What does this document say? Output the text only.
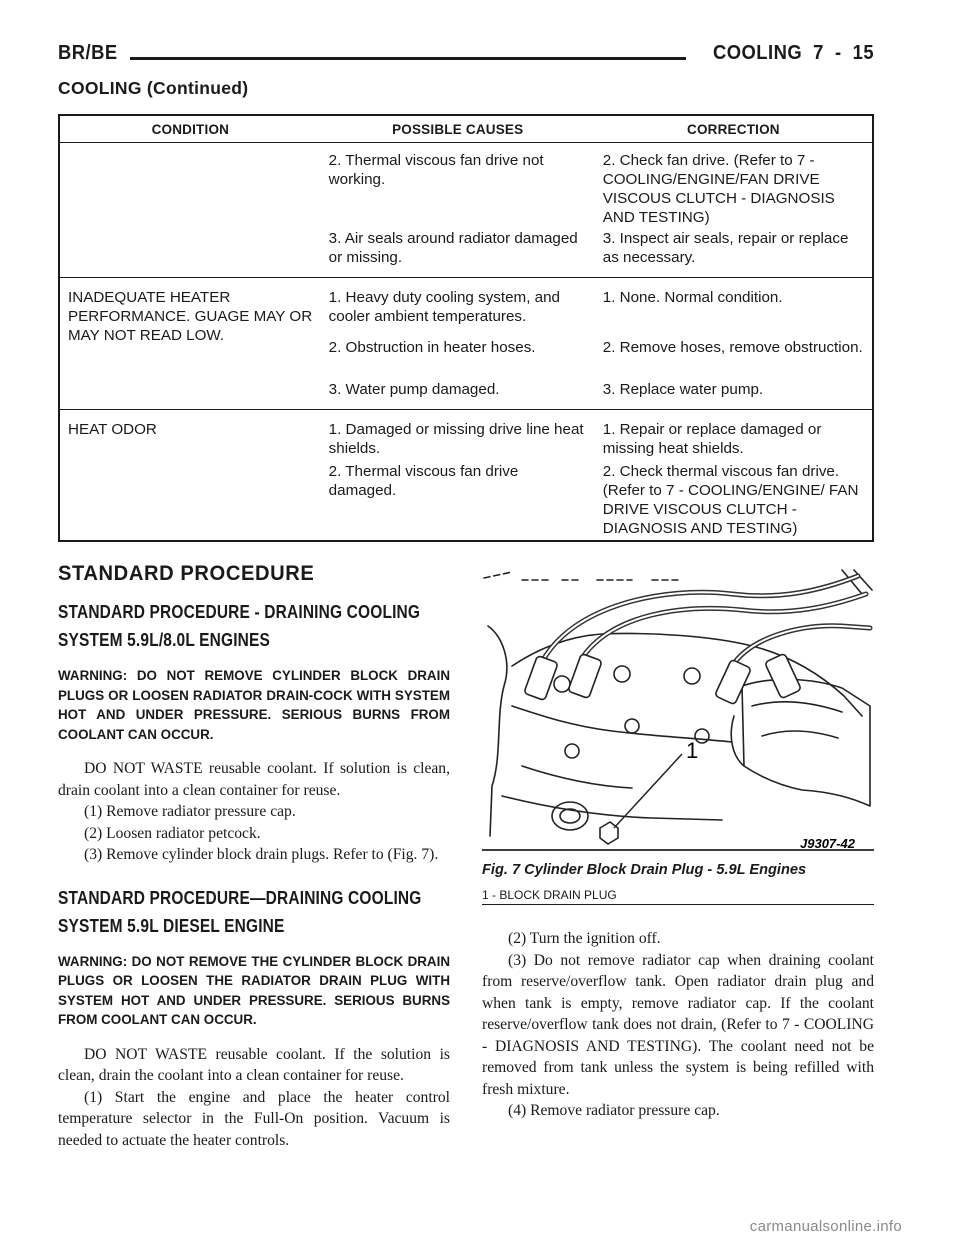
BR/BE	COOLING 7 - 15
COOLING (Continued)
CONDITION	POSSIBLE CAUSES	CORRECTION
	2. Thermal viscous fan drive not working.	2. Check fan drive. (Refer to 7 - COOLING/ENGINE/FAN DRIVE VISCOUS CLUTCH - DIAGNOSIS AND TESTING)
	3. Air seals around radiator damaged or missing.	3. Inspect air seals, repair or replace as necessary.
INADEQUATE HEATER PERFORMANCE. GUAGE MAY OR MAY NOT READ LOW.	1. Heavy duty cooling system, and cooler ambient temperatures.	1. None. Normal condition.
	2. Obstruction in heater hoses.	2. Remove hoses, remove obstruction.
	3. Water pump damaged.	3. Replace water pump.
HEAT ODOR	1. Damaged or missing drive line heat shields.	1. Repair or replace damaged or missing heat shields.
	2. Thermal viscous fan drive damaged.	2. Check thermal viscous fan drive. (Refer to 7 - COOLING/ENGINE/ FAN DRIVE VISCOUS CLUTCH - DIAGNOSIS AND TESTING)
STANDARD PROCEDURE
STANDARD PROCEDURE - DRAINING COOLING SYSTEM 5.9L/8.0L ENGINES
WARNING: DO NOT REMOVE CYLINDER BLOCK DRAIN PLUGS OR LOOSEN RADIATOR DRAIN-COCK WITH SYSTEM HOT AND UNDER PRESSURE. SERIOUS BURNS FROM COOLANT CAN OCCUR.

DO NOT WASTE reusable coolant. If solution is clean, drain coolant into a clean container for reuse.

(1) Remove radiator pressure cap.

(2) Loosen radiator petcock.

(3) Remove cylinder block drain plugs. Refer to (Fig. 7).

STANDARD PROCEDURE—DRAINING COOLING SYSTEM 5.9L DIESEL ENGINE
WARNING: DO NOT REMOVE THE CYLINDER BLOCK DRAIN PLUGS OR LOOSEN THE RADIATOR DRAIN PLUG WITH SYSTEM HOT AND UNDER PRESSURE. SERIOUS BURNS FROM COOLANT CAN OCCUR.

DO NOT WASTE reusable coolant. If the solution is clean, drain the coolant into a clean container for reuse.

(1) Start the engine and place the heater control temperature selector in the Full-On position. Vacuum is needed to actuate the heater controls.

1
J9307-42
Fig. 7 Cylinder Block Drain Plug - 5.9L Engines
1 - BLOCK DRAIN PLUG

(2) Turn the ignition off.

(3) Do not remove radiator cap when draining coolant from reserve/overflow tank. Open radiator drain plug and when tank is empty, remove radiator cap. If the coolant reserve/overflow tank does not drain, (Refer to 7 - COOLING - DIAGNOSIS AND TESTING). The coolant need not be removed from tank unless the system is being refilled with fresh mixture.

(4) Remove radiator pressure cap.

carmanualsonline.info
